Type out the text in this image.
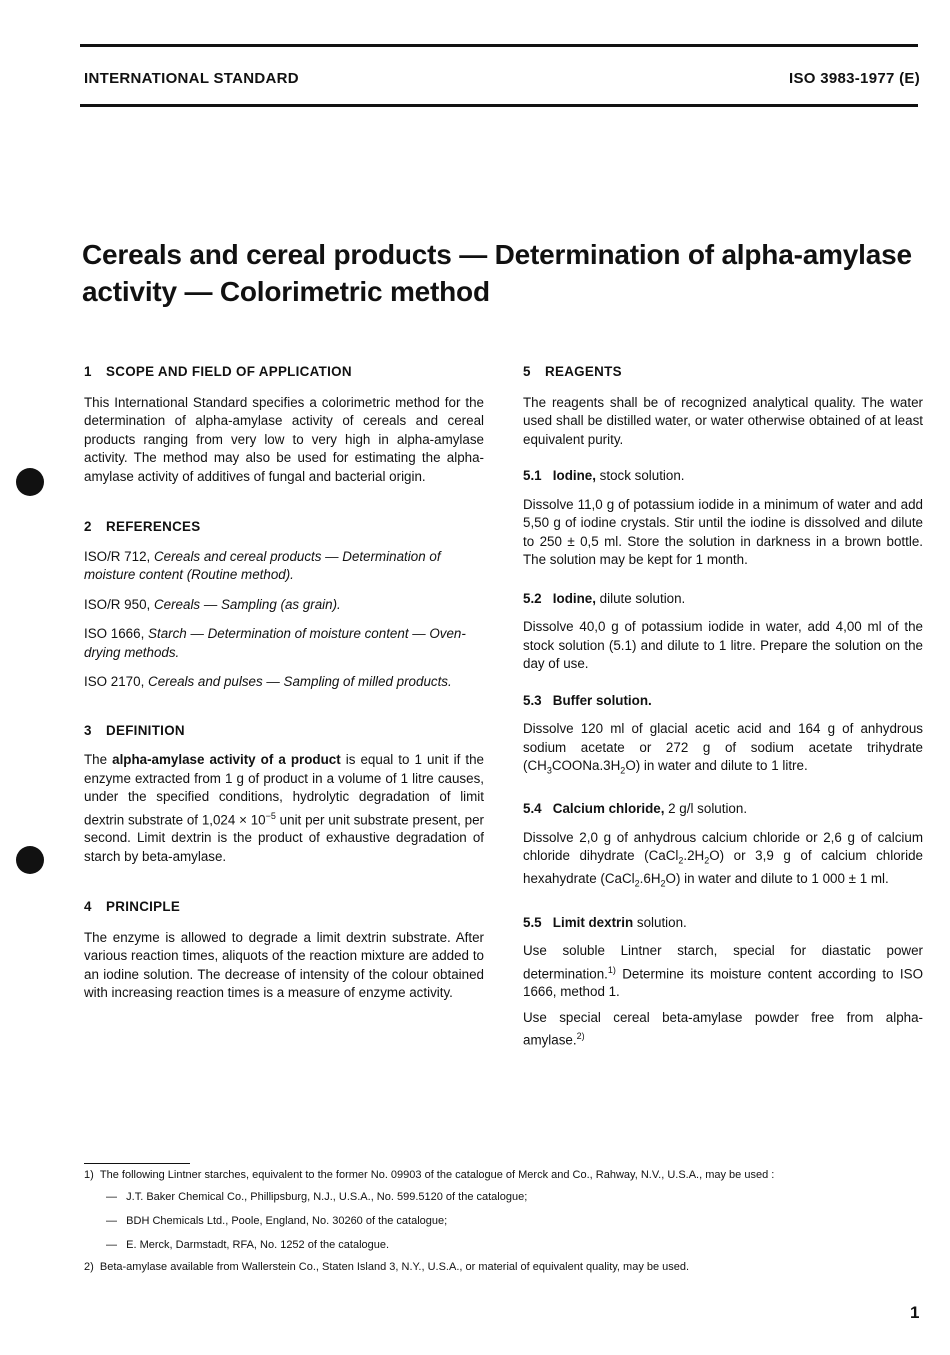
INTERNATIONAL STANDARD	ISO 3983-1977 (E)
Cereals and cereal products — Determination of alpha-amylase activity — Colorimetric method
1 SCOPE AND FIELD OF APPLICATION

This International Standard specifies a colorimetric method for the determination of alpha-amylase activity of cereals and cereal products ranging from very low to very high in alpha-amylase activity. The method may also be used for estimating the alpha-amylase activity of additives of fungal and bacterial origin.

2 REFERENCES

ISO/R 712, Cereals and cereal products — Determination of moisture content (Routine method).

ISO/R 950, Cereals — Sampling (as grain).

ISO 1666, Starch — Determination of moisture content — Oven-drying methods.

ISO 2170, Cereals and pulses — Sampling of milled products.

3 DEFINITION

The alpha-amylase activity of a product is equal to 1 unit if the enzyme extracted from 1 g of product in a volume of 1 litre causes, under the specified conditions, hydrolytic degradation of limit dextrin substrate of $1,024 \times 10^{-5}$ unit per unit substrate present, per second. Limit dextrin is the product of exhaustive degradation of starch by beta-amylase.

4 PRINCIPLE

The enzyme is allowed to degrade a limit dextrin substrate. After various reaction times, aliquots of the reaction mixture are added to an iodine solution. The decrease of intensity of the colour obtained with increasing reaction times is a measure of enzyme activity.

5 REAGENTS

The reagents shall be of recognized analytical quality. The water used shall be distilled water, or water otherwise obtained of at least equivalent purity.

5.1 Iodine, stock solution.

Dissolve 11,0 g of potassium iodide in a minimum of water and add 5,50 g of iodine crystals. Stir until the iodine is dissolved and dilute to 250 ± 0,5 ml. Store the solution in darkness in a brown bottle. The solution may be kept for 1 month.

5.2 Iodine, dilute solution.

Dissolve 40,0 g of potassium iodide in water, add 4,00 ml of the stock solution (5.1) and dilute to 1 litre. Prepare the solution on the day of use.

5.3 Buffer solution.

Dissolve 120 ml of glacial acetic acid and 164 g of anhydrous sodium acetate or 272 g of sodium acetate trihydrate $(CH_3COONa.3H_2O)$ in water and dilute to 1 litre.

5.4 Calcium chloride, 2 g/l solution.

Dissolve 2,0 g of anhydrous calcium chloride or 2,6 g of calcium chloride dihydrate $(CaCl_2.2H_2O)$ or 3,9 g of calcium chloride hexahydrate $(CaCl_2.6H_2O)$ in water and dilute to 1 000 ± 1 ml.

5.5 Limit dextrin solution.

Use soluble Lintner starch, special for diastatic power determination.$^{1)}$ Determine its moisture content according to ISO 1666, method 1.

Use special cereal beta-amylase powder free from alpha-amylase.$^{2)}$

1)  The following Lintner starches, equivalent to the former No. 09903 of the catalogue of Merck and Co., Rahway, N.V., U.S.A., may be used :
—   J.T. Baker Chemical Co., Phillipsburg, N.J., U.S.A., No. 599.5120 of the catalogue;
—   BDH Chemicals Ltd., Poole, England, No. 30260 of the catalogue;
—   E. Merck, Darmstadt, RFA, No. 1252 of the catalogue.
2)  Beta-amylase available from Wallerstein Co., Staten Island 3, N.Y., U.S.A., or material of equivalent quality, may be used.
1
